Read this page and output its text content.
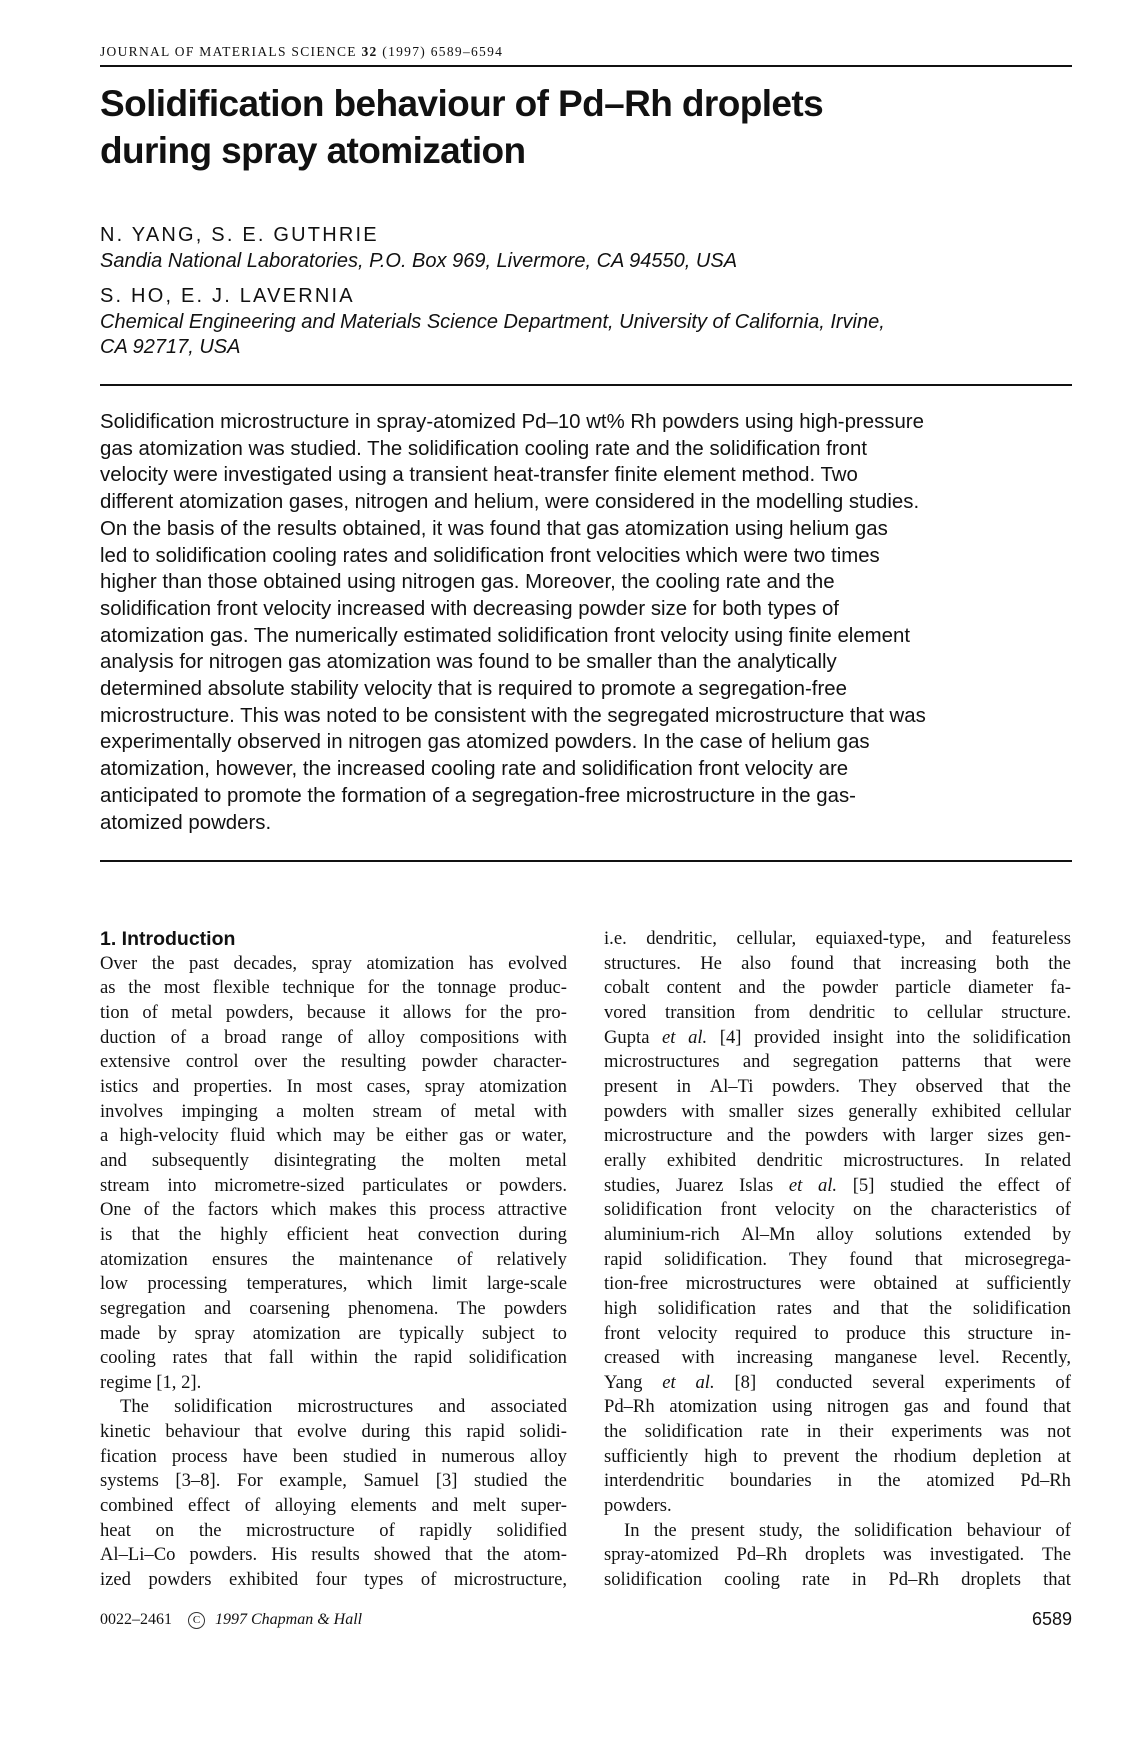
JOURNAL OF MATERIALS SCIENCE 32 (1997) 6589–6594
Solidification behaviour of Pd–Rh droplets
during spray atomization
N. YANG, S. E. GUTHRIE
Sandia National Laboratories, P.O. Box 969, Livermore, CA 94550, USA
S. HO, E. J. LAVERNIA
Chemical Engineering and Materials Science Department, University of California, Irvine,
CA 92717, USA
Solidification microstructure in spray-atomized Pd–10 wt% Rh powders using high-pressure
gas atomization was studied. The solidification cooling rate and the solidification front
velocity were investigated using a transient heat-transfer finite element method. Two
different atomization gases, nitrogen and helium, were considered in the modelling studies.
On the basis of the results obtained, it was found that gas atomization using helium gas
led to solidification cooling rates and solidification front velocities which were two times
higher than those obtained using nitrogen gas. Moreover, the cooling rate and the
solidification front velocity increased with decreasing powder size for both types of
atomization gas. The numerically estimated solidification front velocity using finite element
analysis for nitrogen gas atomization was found to be smaller than the analytically
determined absolute stability velocity that is required to promote a segregation-free
microstructure. This was noted to be consistent with the segregated microstructure that was
experimentally observed in nitrogen gas atomized powders. In the case of helium gas
atomization, however, the increased cooling rate and solidification front velocity are
anticipated to promote the formation of a segregation-free microstructure in the gas-
atomized powders.
1. Introduction
Over the past decades, spray atomization has evolved
as the most flexible technique for the tonnage produc-
tion of metal powders, because it allows for the pro-
duction of a broad range of alloy compositions with
extensive control over the resulting powder character-
istics and properties. In most cases, spray atomization
involves impinging a molten stream of metal with
a high-velocity fluid which may be either gas or water,
and subsequently disintegrating the molten metal
stream into micrometre-sized particulates or powders.
One of the factors which makes this process attractive
is that the highly efficient heat convection during
atomization ensures the maintenance of relatively
low processing temperatures, which limit large-scale
segregation and coarsening phenomena. The powders
made by spray atomization are typically subject to
cooling rates that fall within the rapid solidification
regime [1, 2].
The solidification microstructures and associated
kinetic behaviour that evolve during this rapid solidi-
fication process have been studied in numerous alloy
systems [3–8]. For example, Samuel [3] studied the
combined effect of alloying elements and melt super-
heat on the microstructure of rapidly solidified
Al–Li–Co powders. His results showed that the atom-
ized powders exhibited four types of microstructure,
i.e. dendritic, cellular, equiaxed-type, and featureless
structures. He also found that increasing both the
cobalt content and the powder particle diameter fa-
vored transition from dendritic to cellular structure.
Gupta et al. [4] provided insight into the solidification
microstructures and segregation patterns that were
present in Al–Ti powders. They observed that the
powders with smaller sizes generally exhibited cellular
microstructure and the powders with larger sizes gen-
erally exhibited dendritic microstructures. In related
studies, Juarez Islas et al. [5] studied the effect of
solidification front velocity on the characteristics of
aluminium-rich Al–Mn alloy solutions extended by
rapid solidification. They found that microsegrega-
tion-free microstructures were obtained at sufficiently
high solidification rates and that the solidification
front velocity required to produce this structure in-
creased with increasing manganese level. Recently,
Yang et al. [8] conducted several experiments of
Pd–Rh atomization using nitrogen gas and found that
the solidification rate in their experiments was not
sufficiently high to prevent the rhodium depletion at
interdendritic boundaries in the atomized Pd–Rh
powders.
In the present study, the solidification behaviour of
spray-atomized Pd–Rh droplets was investigated. The
solidification cooling rate in Pd–Rh droplets that
0022–2461 C 1997 Chapman & Hall	6589
